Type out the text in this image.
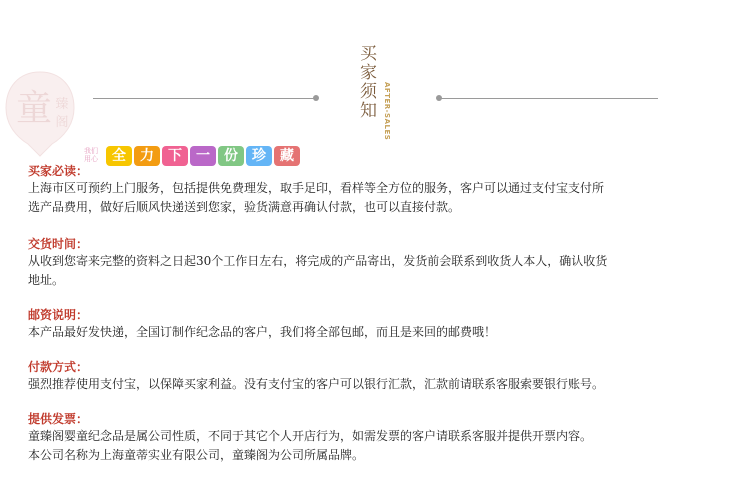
童 臻
阁
买家须知 AFTER-SALES
我们
用心	全 力 下 一 份 珍 藏
买家必读：

上海市区可预约上门服务，包括提供免费理发，取手足印，看样等全方位的服务，客户可以通过支付宝支付所

选产品费用，做好后顺风快递送到您家，验货满意再确认付款，也可以直接付款。

交货时间：

从收到您寄来完整的资料之日起30个工作日左右，将完成的产品寄出，发货前会联系到收货人本人，确认收货

地址。

邮资说明：

本产品最好发快递，全国订制作纪念品的客户，我们将全部包邮，而且是来回的邮费哦！

付款方式：

强烈推荐使用支付宝，以保障买家利益。没有支付宝的客户可以银行汇款，汇款前请联系客服索要银行账号。

提供发票：

童臻阁婴童纪念品是属公司性质，不同于其它个人开店行为，如需发票的客户请联系客服并提供开票内容。

本公司名称为上海童蒂实业有限公司，童臻阁为公司所属品牌。
